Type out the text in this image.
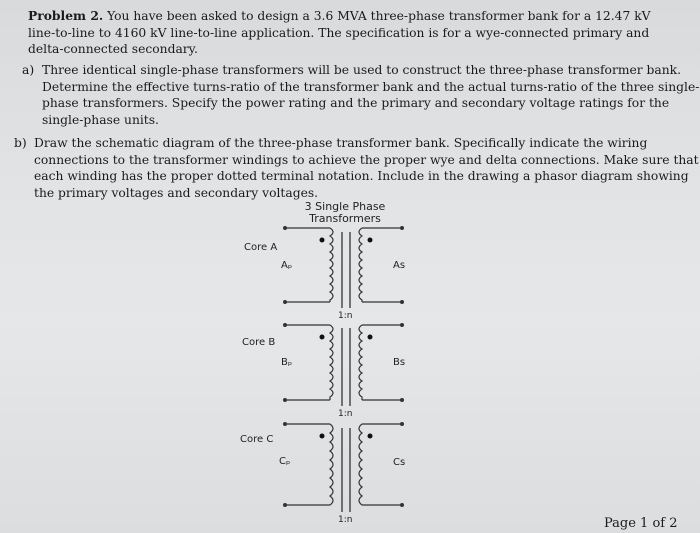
Problem 2. You have been asked to design a 3.6 MVA three-phase transformer bank for a 12.47 kV line-to-line to 4160 kV line-to-line application. The specification is for a wye-connected primary and delta-connected secondary.
a) Three identical single-phase transformers will be used to construct the three-phase transformer bank. Determine the effective turns-ratio of the transformer bank and the actual turns-ratio of the three single-phase transformers. Specify the power rating and the primary and secondary voltage ratings for the single-phase units.
b) Draw the schematic diagram of the three-phase transformer bank. Specifically indicate the wiring connections to the transformer windings to achieve the proper wye and delta connections. Make sure that each winding has the proper dotted terminal notation. Include in the drawing a phasor diagram showing the primary voltages and secondary voltages.
3 Single Phase
Transformers
Core A
Aₚ	As
1:n
Core B
Bₚ	Bs
1:n
Core C
Cₚ	Cs
1:n	Page 1 of 2
